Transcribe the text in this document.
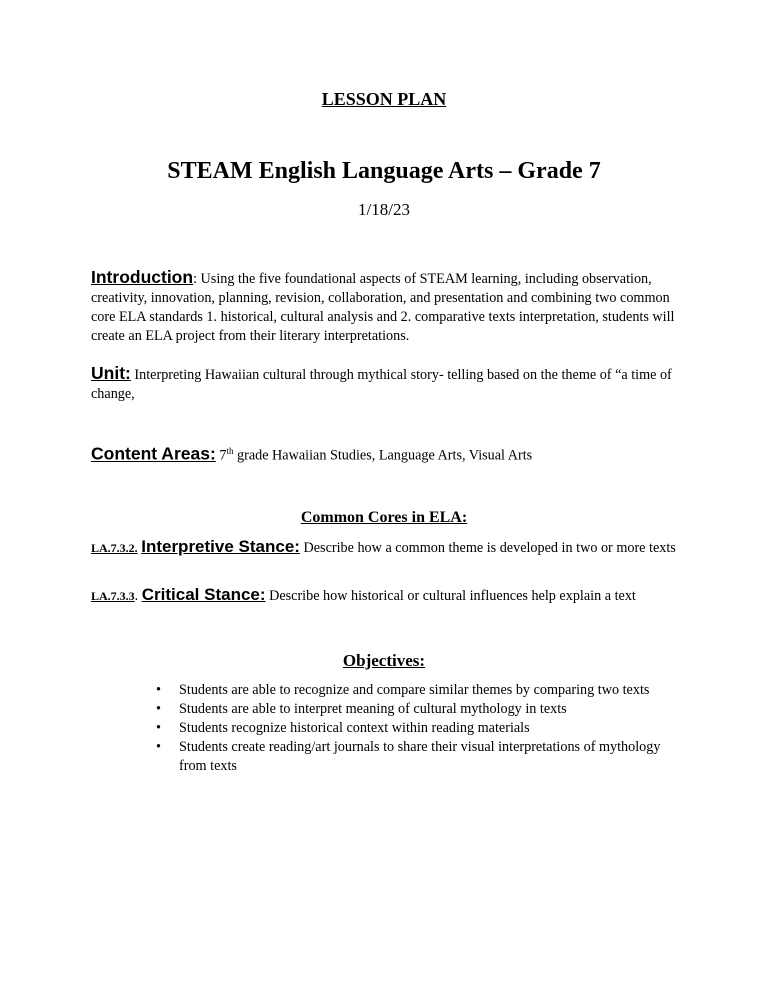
LESSON PLAN
STEAM English Language Arts – Grade 7
1/18/23
Introduction: Using the five foundational aspects of STEAM learning, including observation, creativity, innovation, planning, revision, collaboration, and presentation and combining two common core ELA standards 1. historical, cultural analysis and 2. comparative texts interpretation, students will create an ELA project from their literary interpretations.
Unit: Interpreting Hawaiian cultural through mythical story- telling based on the theme of “a time of change,
Content Areas: 7th grade Hawaiian Studies, Language Arts, Visual Arts
Common Cores in ELA:
LA.7.3.2. Interpretive Stance: Describe how a common theme is developed in two or more texts
LA.7.3.3. Critical Stance: Describe how historical or cultural influences help explain a text
Objectives:
• Students are able to recognize and compare similar themes by comparing two texts
• Students are able to interpret meaning of cultural mythology in texts
• Students recognize historical context within reading materials
• Students create reading/art journals to share their visual interpretations of mythology from texts
